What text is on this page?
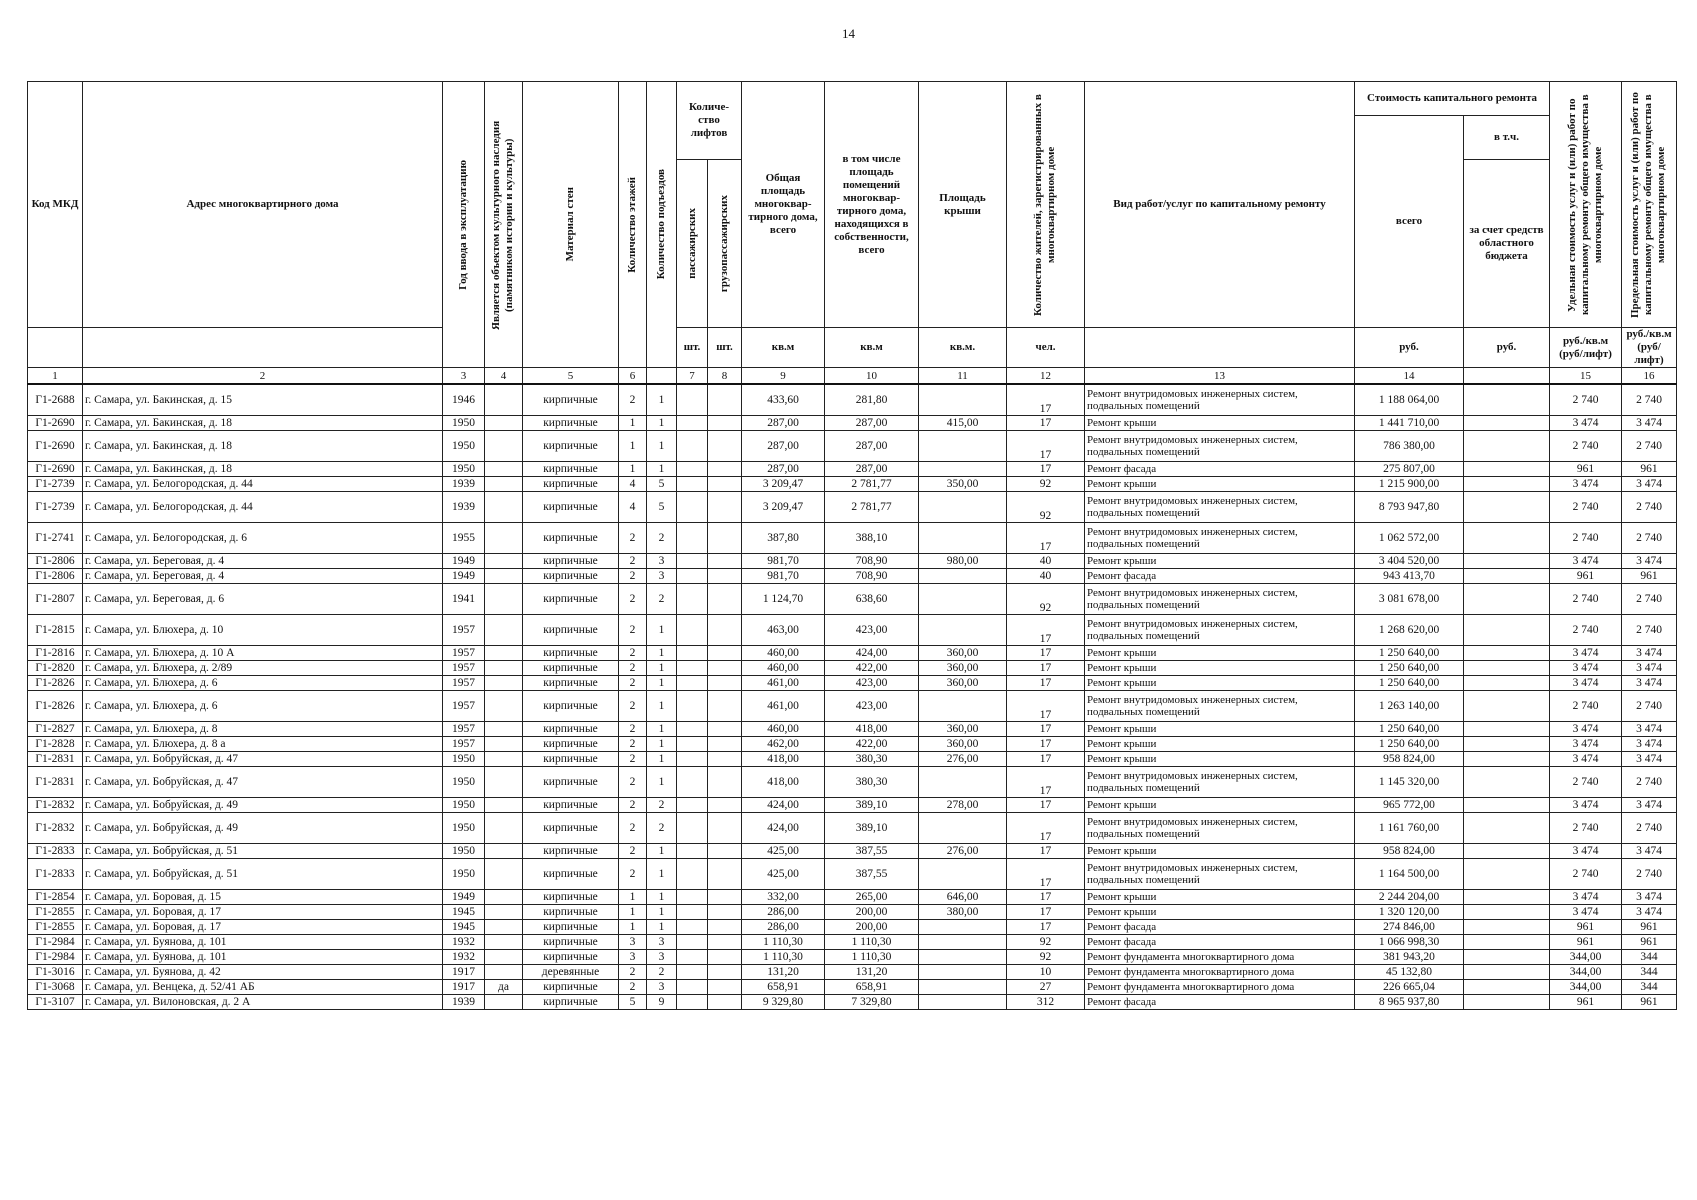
14
Код МКД	Адрес многоквартирного дома	Год ввода в эксплуатацию	Является объектом культурного наследия (памятником истории и культуры)	Материал стен	Количество этажей	Количество подъездов	Количе-ство лифтов		Общая площадь многоквар-тирного дома, всего	в том числе площадь помещений многоквар-тирного дома, находящихся в собственности, всего	Площадь крыши	Количество жителей, зарегистрированных в многоквартирном доме	Вид работ/услуг по капитальному ремонту	Стоимость капитального ремонта		Удельная стоимость услуг и (или) работ по капитальному ремонту общего имущества в многоквартирном доме	Предельная стоимость услуг и (или) работ по капитальному ремонту общего имущества в многоквартирном доме

														всего	в т.ч.		

							пассажирских	грузопассажирских							за счет средств областного бюджета		
							шт.	шт.	кв.м	кв.м	кв.м.	чел.		руб.	руб.	руб./кв.м (руб/лифт)	руб./кв.м (руб/лифт)
1	2	3	4	5	6		7	8	9	10	11	12	13	14		15	16
Г1-2688	г. Самара, ул. Бакинская, д. 15	1946		кирпичные	2	1			433,60	281,80		17	Ремонт внутридомовых инженерных систем, подвальных помещений	1 188 064,00		2 740	2 740
Г1-2690	г. Самара, ул. Бакинская, д. 18	1950		кирпичные	1	1			287,00	287,00	415,00	17	Ремонт крыши	1 441 710,00		3 474	3 474
Г1-2690	г. Самара, ул. Бакинская, д. 18	1950		кирпичные	1	1			287,00	287,00		17	Ремонт внутридомовых инженерных систем, подвальных помещений	786 380,00		2 740	2 740
Г1-2690	г. Самара, ул. Бакинская, д. 18	1950		кирпичные	1	1			287,00	287,00		17	Ремонт фасада	275 807,00		961	961
Г1-2739	г. Самара, ул. Белогородская, д. 44	1939		кирпичные	4	5			3 209,47	2 781,77	350,00	92	Ремонт крыши	1 215 900,00		3 474	3 474
Г1-2739	г. Самара, ул. Белогородская, д. 44	1939		кирпичные	4	5			3 209,47	2 781,77		92	Ремонт внутридомовых инженерных систем, подвальных помещений	8 793 947,80		2 740	2 740
Г1-2741	г. Самара, ул. Белогородская, д. 6	1955		кирпичные	2	2			387,80	388,10		17	Ремонт внутридомовых инженерных систем, подвальных помещений	1 062 572,00		2 740	2 740
Г1-2806	г. Самара, ул. Береговая, д. 4	1949		кирпичные	2	3			981,70	708,90	980,00	40	Ремонт крыши	3 404 520,00		3 474	3 474
Г1-2806	г. Самара, ул. Береговая, д. 4	1949		кирпичные	2	3			981,70	708,90		40	Ремонт фасада	943 413,70		961	961
Г1-2807	г. Самара, ул. Береговая, д. 6	1941		кирпичные	2	2			1 124,70	638,60		92	Ремонт внутридомовых инженерных систем, подвальных помещений	3 081 678,00		2 740	2 740
Г1-2815	г. Самара, ул. Блюхера, д. 10	1957		кирпичные	2	1			463,00	423,00		17	Ремонт внутридомовых инженерных систем, подвальных помещений	1 268 620,00		2 740	2 740
Г1-2816	г. Самара, ул. Блюхера, д. 10 А	1957		кирпичные	2	1			460,00	424,00	360,00	17	Ремонт крыши	1 250 640,00		3 474	3 474
Г1-2820	г. Самара, ул. Блюхера, д. 2/89	1957		кирпичные	2	1			460,00	422,00	360,00	17	Ремонт крыши	1 250 640,00		3 474	3 474
Г1-2826	г. Самара, ул. Блюхера, д. 6	1957		кирпичные	2	1			461,00	423,00	360,00	17	Ремонт крыши	1 250 640,00		3 474	3 474
Г1-2826	г. Самара, ул. Блюхера, д. 6	1957		кирпичные	2	1			461,00	423,00		17	Ремонт внутридомовых инженерных систем, подвальных помещений	1 263 140,00		2 740	2 740
Г1-2827	г. Самара, ул. Блюхера, д. 8	1957		кирпичные	2	1			460,00	418,00	360,00	17	Ремонт крыши	1 250 640,00		3 474	3 474
Г1-2828	г. Самара, ул. Блюхера, д. 8 а	1957		кирпичные	2	1			462,00	422,00	360,00	17	Ремонт крыши	1 250 640,00		3 474	3 474
Г1-2831	г. Самара, ул. Бобруйская, д. 47	1950		кирпичные	2	1			418,00	380,30	276,00	17	Ремонт крыши	958 824,00		3 474	3 474
Г1-2831	г. Самара, ул. Бобруйская, д. 47	1950		кирпичные	2	1			418,00	380,30		17	Ремонт внутридомовых инженерных систем, подвальных помещений	1 145 320,00		2 740	2 740
Г1-2832	г. Самара, ул. Бобруйская, д. 49	1950		кирпичные	2	2			424,00	389,10	278,00	17	Ремонт крыши	965 772,00		3 474	3 474
Г1-2832	г. Самара, ул. Бобруйская, д. 49	1950		кирпичные	2	2			424,00	389,10		17	Ремонт внутридомовых инженерных систем, подвальных помещений	1 161 760,00		2 740	2 740
Г1-2833	г. Самара, ул. Бобруйская, д. 51	1950		кирпичные	2	1			425,00	387,55	276,00	17	Ремонт крыши	958 824,00		3 474	3 474
Г1-2833	г. Самара, ул. Бобруйская, д. 51	1950		кирпичные	2	1			425,00	387,55		17	Ремонт внутридомовых инженерных систем, подвальных помещений	1 164 500,00		2 740	2 740
Г1-2854	г. Самара, ул. Боровая, д. 15	1949		кирпичные	1	1			332,00	265,00	646,00	17	Ремонт крыши	2 244 204,00		3 474	3 474
Г1-2855	г. Самара, ул. Боровая, д. 17	1945		кирпичные	1	1			286,00	200,00	380,00	17	Ремонт крыши	1 320 120,00		3 474	3 474
Г1-2855	г. Самара, ул. Боровая, д. 17	1945		кирпичные	1	1			286,00	200,00		17	Ремонт фасада	274 846,00		961	961
Г1-2984	г. Самара, ул. Буянова, д. 101	1932		кирпичные	3	3			1 110,30	1 110,30		92	Ремонт фасада	1 066 998,30		961	961
Г1-2984	г. Самара, ул. Буянова, д. 101	1932		кирпичные	3	3			1 110,30	1 110,30		92	Ремонт фундамента многоквартирного дома	381 943,20		344,00	344
Г1-3016	г. Самара, ул. Буянова, д. 42	1917		деревянные	2	2			131,20	131,20		10	Ремонт фундамента многоквартирного дома	45 132,80		344,00	344
Г1-3068	г. Самара, ул. Венцека, д. 52/41 АБ	1917	да	кирпичные	2	3			658,91	658,91		27	Ремонт фундамента многоквартирного дома	226 665,04		344,00	344
Г1-3107	г. Самара, ул. Вилоновская, д. 2 А	1939		кирпичные	5	9			9 329,80	7 329,80		312	Ремонт фасада	8 965 937,80		961	961
